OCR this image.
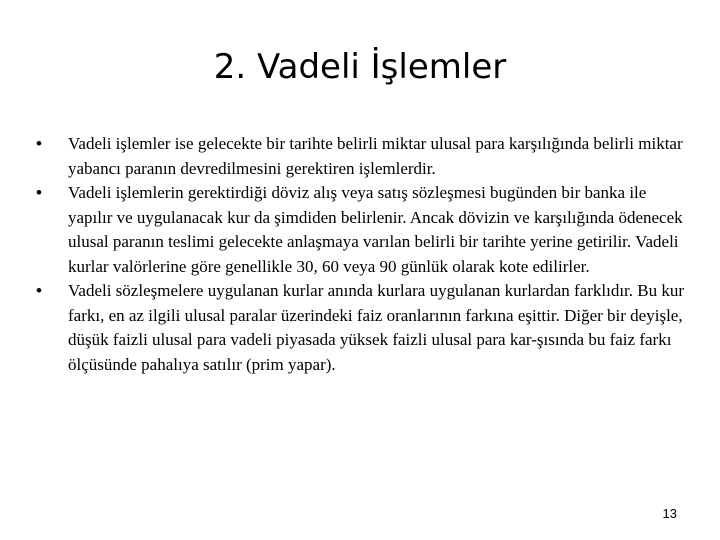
2. Vadeli İşlemler
•	Vadeli işlemler ise gelecekte bir tarihte belirli miktar ulusal para karşılığında belirli miktar yabancı paranın devredilmesini gerektiren işlemlerdir.
•	Vadeli işlemlerin gerektirdiği döviz alış veya satış sözleşmesi bugünden bir banka ile yapılır ve uygulanacak kur da şimdiden belirlenir. Ancak dövizin ve karşılığında ödenecek ulusal paranın teslimi gelecekte anlaşmaya varılan belirli bir tarihte yerine getirilir. Vadeli kurlar valörlerine göre genellikle 30, 60 veya 90 günlük olarak kote edilirler.
•	Vadeli sözleşmelere uygulanan kurlar anında kurlara uygulanan kurlardan farklıdır. Bu kur farkı, en az ilgili ulusal paralar üzerindeki faiz oranlarının farkına eşittir. Diğer bir deyişle, düşük faizli ulusal para vadeli piyasada yüksek faizli ulusal para kar-şısında bu faiz farkı ölçüsünde pahalıya satılır (prim yapar).
13
